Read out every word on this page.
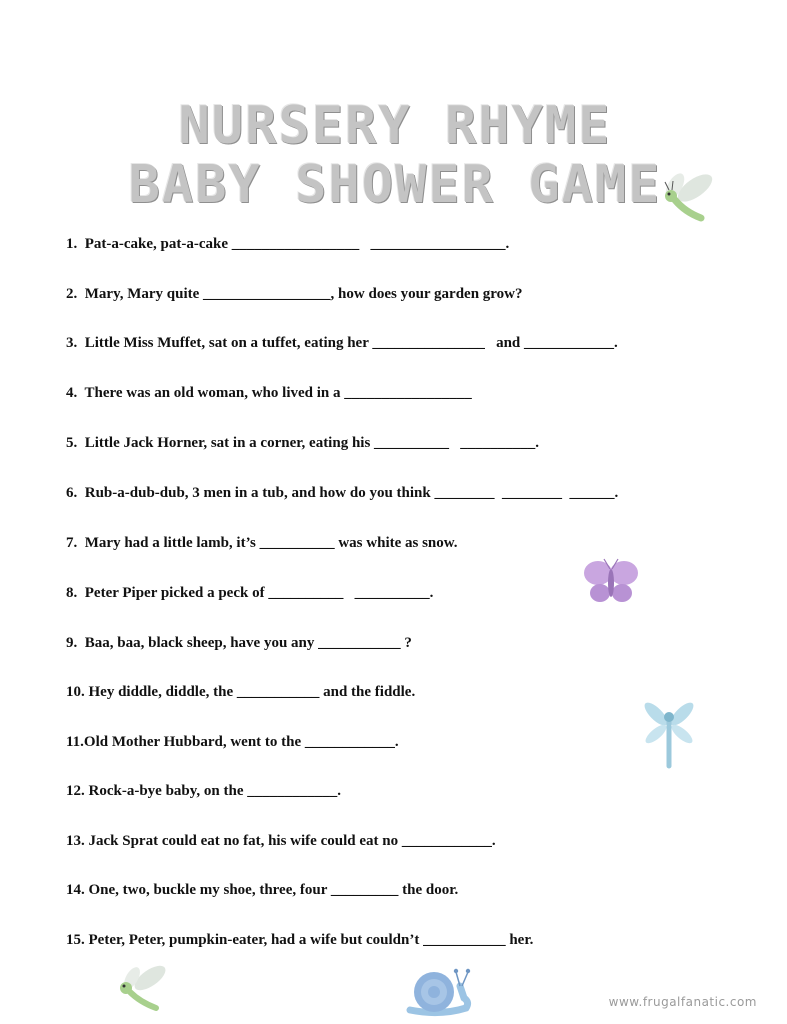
NURSERY RHYME
BABY SHOWER GAME

1.  Pat-a-cake, pat-a-cake _________________   __________________.

2.  Mary, Mary quite _________________, how does your garden grow?

3.  Little Miss Muffet, sat on a tuffet, eating her _______________   and ____________.

4.  There was an old woman, who lived in a _________________

5.  Little Jack Horner, sat in a corner, eating his __________   __________.

6.  Rub-a-dub-dub, 3 men in a tub, and how do you think ________  ________  ______.

7.  Mary had a little lamb, it’s __________ was white as snow.

8.  Peter Piper picked a peck of __________   __________.

9.  Baa, baa, black sheep, have you any ___________ ?

10. Hey diddle, diddle, the ___________ and the fiddle.

11.Old Mother Hubbard, went to the ____________.

12. Rock-a-bye baby, on the ____________.

13. Jack Sprat could eat no fat, his wife could eat no ____________.

14. One, two, buckle my shoe, three, four _________ the door.

15. Peter, Peter, pumpkin-eater, had a wife but couldn’t ___________ her.

www.frugalfanatic.com
